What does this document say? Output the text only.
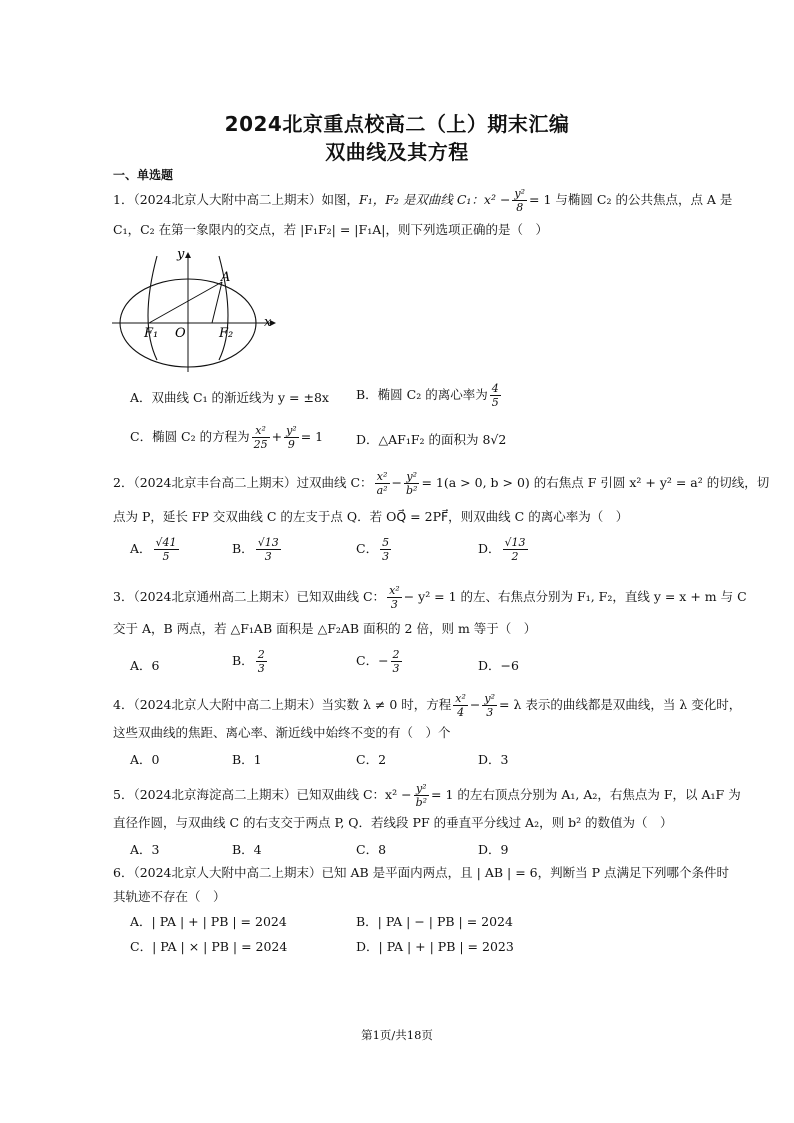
2024北京重点校高二（上）期末汇编
双曲线及其方程
一、单选题
1．（2024北京人大附中高二上期末）如图，F₁，F₂ 是双曲线 C₁：$x^2 - \frac{\text{y²}}{8} = 1$ 与椭圆 C₂ 的公共焦点，点 A 是
C₁，C₂ 在第一象限内的交点，若 |F₁F₂| = |F₁A|，则下列选项正确的是（　）
y
x
A
O
F₁	F₂
A．双曲线 C₁ 的渐近线为 y = ±8x B．椭圆 C₂ 的离心率为 $\frac{4}{5}$
C．椭圆 C₂ 的方程为 $\frac{\text{x²}}{25} + \frac{\text{y²}}{9} = 1$	D．△AF₁F₂ 的面积为 8√2
2．（2024北京丰台高二上期末）过双曲线 C： $\frac{\text{x²}}{\text{a²}} - \frac{\text{y²}}{\text{b²}} = 1(a > 0$, b > 0) 的右焦点 F 引圆 x² + y² = a² 的切线，切
点为 P，延长 FP 交双曲线 C 的左支于点 Q．若 OQ⃗ = 2PF⃗，则双曲线 C 的离心率为（　）
A． $\frac{√41}{5}$	B． $\frac{√13}{3}$	C． $\frac{5}{3}$	D． $\frac{√13}{2}$
3．（2024北京通州高二上期末）已知双曲线 C： $\frac{\text{x²}}{3} - y^2 = 1$ 的左、右焦点分别为 F₁, F₂，直线 y = x + m 与 C
交于 A，B 两点，若 △F₁AB 面积是 △F₂AB 面积的 2 倍，则 m 等于（　）
A．6	B． $\frac{2}{3}$	C．− $\frac{2}{3}$	D．−6
4．（2024北京人大附中高二上期末）当实数 λ ≠ 0 时，方程 $\frac{\text{x²}}{4} - \frac{\text{y²}}{3} = \lambda$ 表示的曲线都是双曲线，当 λ 变化时，
这些双曲线的焦距、离心率、渐近线中始终不变的有（　）个
A．0	B．1	C．2	D．3
5．（2024北京海淀高二上期末）已知双曲线 C：$x^2 - \frac{\text{y²}}{\text{b²}} = 1$ 的左右顶点分别为 A₁, A₂，右焦点为 F，以 A₁F 为
直径作圆，与双曲线 C 的右支交于两点 P, Q．若线段 PF 的垂直平分线过 A₂，则 b² 的数值为（　）
A．3	B．4	C．8	D．9
6．（2024北京人大附中高二上期末）已知 AB 是平面内两点，且 | AB | = 6，判断当 P 点满足下列哪个条件时
其轨迹不存在（　）
A．| PA | + | PB | = 2024	B．| PA | − | PB | = 2024
C．| PA | × | PB | = 2024	D．| PA | + | PB | = 2023
第1页/共18页
